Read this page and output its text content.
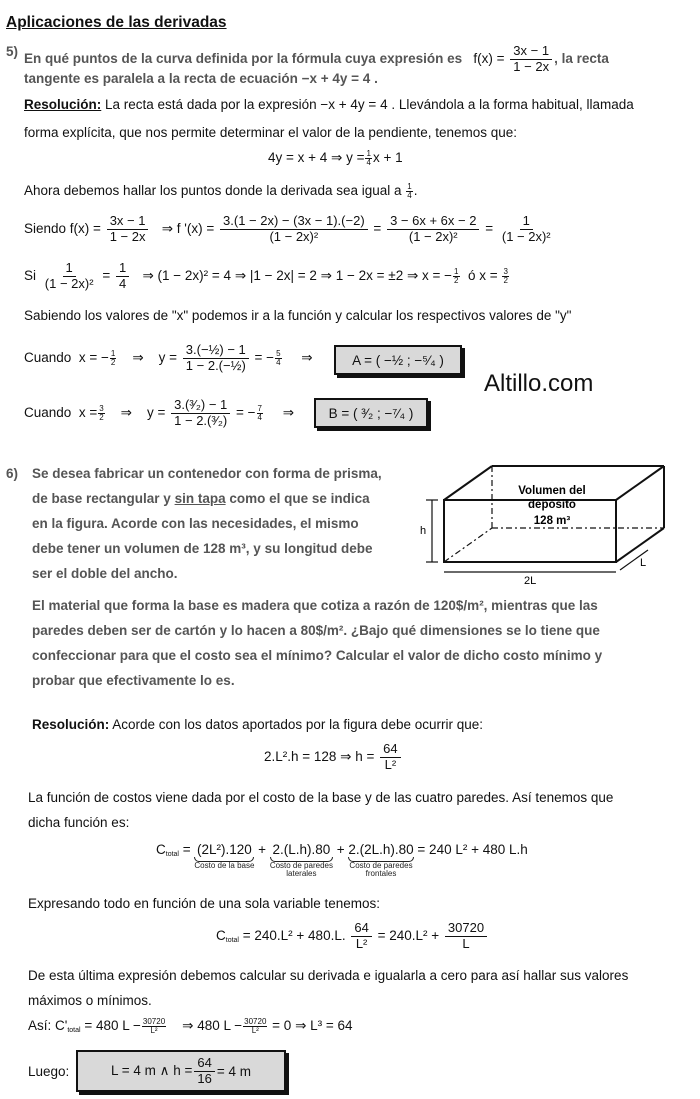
Aplicaciones de las derivadas
5) En qué puntos de la curva definida por la fórmula cuya expresión es $f(x) = \frac{3x - 1}{1 - 2x}$ , la recta
tangente es paralela a la recta de ecuación −x + 4y = 4 .
Resolución: La recta está dada por la expresión −x + 4y = 4 . Llevándola a la forma habitual, llamada
forma explícita, que nos permite determinar el valor de la pendiente, tenemos que:
4y = x + 4 ⇒ $y = \frac{1}{4}$ x + 1
Ahora debemos hallar los puntos donde la derivada sea igual a $\frac{1}{4}$ .
Siendo $f(x) = \frac{3x - 1}{1 - 2x}$ ⇒ f '$(x) = \frac{3.(1 - 2x) - (3x - 1).(-2)}{\text{(1 − 2x)²}} = \frac{3 - 6x + 6x - 2}{\text{(1 − 2x)²}} = \frac{1}{\text{(1 − 2x)²}}$
Si $\frac{1}{\text{(1 − 2x)²}} = \frac{1}{4}$ ⇒ (1 − 2x)² = 4 ⇒ |1 − 2x| = 2 ⇒ 1 − 2x = ±2 ⇒ x = − $\frac{1}{2}$ ó $x = \frac{3}{2}$
Sabiendo los valores de "x" podemos ir a la función y calcular los respectivos valores de "y"
Cuando x = − $\frac{1}{2}$ ⇒ $y = \frac{\text{3.(−½) − 1}}{\text{1 − 2.(−½)}}$ = − $\frac{5}{4}$ ⇒	A = ( −½ ; −⁵⁄₄ )
Altillo.com
Cuando $x = \frac{3}{2}$ ⇒ $y = \frac{\text{3.(³⁄₂) − 1}}{\text{1 − 2.(³⁄₂)}}$ = − $\frac{7}{4}$ ⇒	B = ( ³⁄₂ ; −⁷⁄₄ )
6) Se desea fabricar un contenedor con forma de prisma,
de base rectangular y sin tapa como el que se indica
en la figura. Acorde con las necesidades, el mismo
debe tener un volumen de 128 m³, y su longitud debe
ser el doble del ancho.
Volumen del
depósito
128 m³
h
2L
L
El material que forma la base es madera que cotiza a razón de 120$/m², mientras que las
paredes deben ser de cartón y lo hacen a 80$/m². ¿Bajo qué dimensiones se lo tiene que
confeccionar para que el costo sea el mínimo? Calcular el valor de dicho costo mínimo y
probar que efectivamente lo es.
Resolución: Acorde con los datos aportados por la figura debe ocurrir que:
2.L².h = 128 ⇒ $h = \frac{64}{\text{L²}}$
La función de costos viene dada por el costo de la base y de las cuatro paredes. Así tenemos que
dicha función es:
$C_{total} = (2L^2).120$
Costo de la base
+ 2.(L.h).80
Costo de paredes
laterales
+ 2.(2L.h).80
Costo de paredes
frontales
= 240 L² + 480 L.h
Expresando todo en función de una sola variable tenemos:
$C_{total} = 240.L^2 + 480.L$. $\frac{64}{\text{L²}} = 240.L^2 + \frac{30720}{L}$
De esta última expresión debemos calcular su derivada e igualarla a cero para así hallar sus valores
máximos o mínimos.
Así: $C'_{total} = 480$ $L - \frac{30720}{\text{L²}}$ ⇒ 480 $L - \frac{30720}{\text{L²}} = 0$ ⇒ L³ = 64
Luego:	L = 4 m ∧ $h = \frac{64}{16} = 4$ m
